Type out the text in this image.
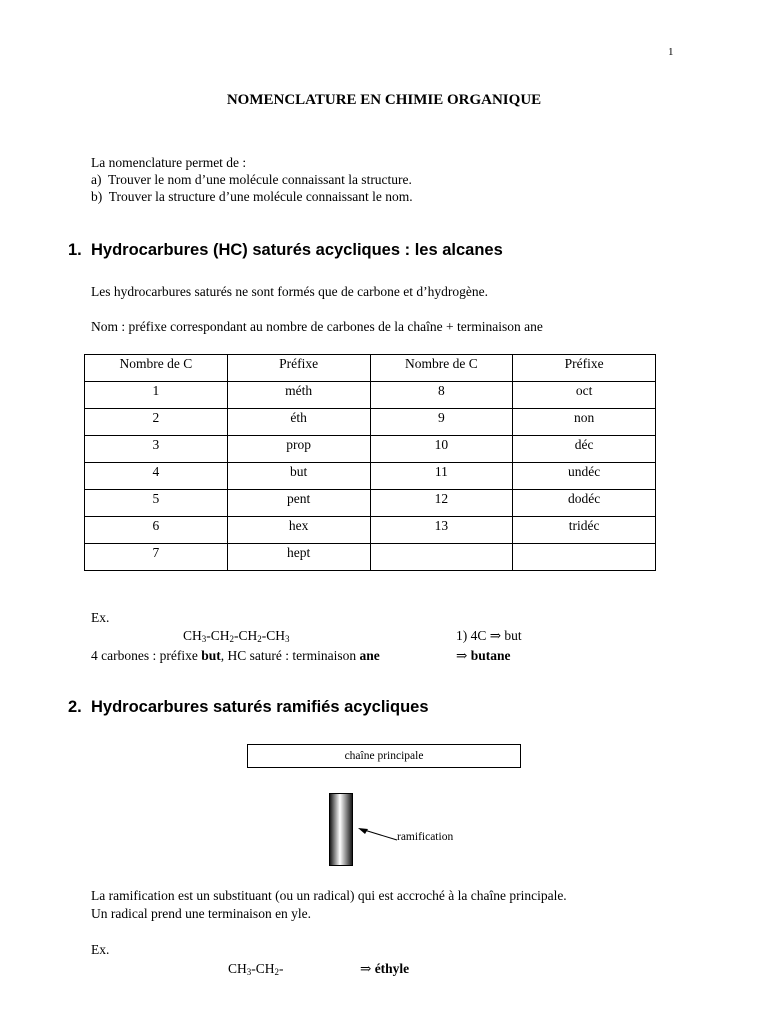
1
NOMENCLATURE EN CHIMIE ORGANIQUE
La nomenclature permet de :
a)  Trouver le nom d’une molécule connaissant la structure.
b)  Trouver la structure d’une molécule connaissant le nom.
1. Hydrocarbures (HC) saturés acycliques : les alcanes
Les hydrocarbures saturés ne sont formés que de carbone et d’hydrogène.
Nom : préfixe correspondant au nombre de carbones de la chaîne + terminaison ane
Nombre de C	Préfixe	Nombre de C	Préfixe
1	méth	8	oct
2	éth	9	non
3	prop	10	déc
4	but	11	undéc
5	pent	12	dodéc
6	hex	13	tridéc
7	hept		
Ex.
$CH_3-CH_2-CH_2-CH_3$	1) 4C ⇒ but
4 carbones : préfixe but, HC saturé : terminaison ane	⇒ butane
2. Hydrocarbures saturés ramifiés acycliques
chaîne principale
ramification
La ramification est un substituant (ou un radical) qui est accroché à la chaîne principale.
Un radical prend une terminaison en yle.
Ex.
$CH_3-CH_2-$	⇒ éthyle
